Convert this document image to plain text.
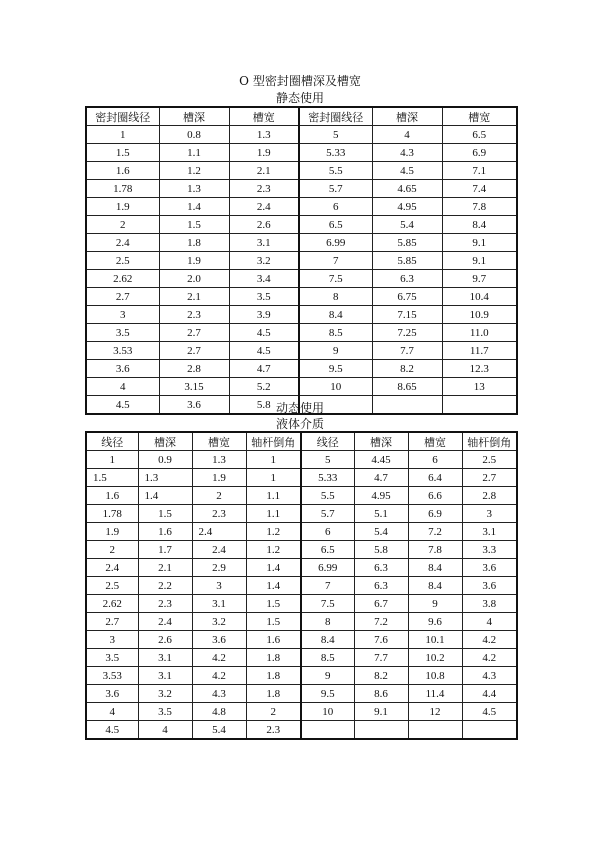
O 型密封圈槽深及槽宽
静态使用
密封圈线径	槽深	槽宽	密封圈线径	槽深	槽宽
1	0.8	1.3	5	4	6.5
1.5	1.1	1.9	5.33	4.3	6.9
1.6	1.2	2.1	5.5	4.5	7.1
1.78	1.3	2.3	5.7	4.65	7.4
1.9	1.4	2.4	6	4.95	7.8
2	1.5	2.6	6.5	5.4	8.4
2.4	1.8	3.1	6.99	5.85	9.1
2.5	1.9	3.2	7	5.85	9.1
2.62	2.0	3.4	7.5	6.3	9.7
2.7	2.1	3.5	8	6.75	10.4
3	2.3	3.9	8.4	7.15	10.9
3.5	2.7	4.5	8.5	7.25	11.0
3.53	2.7	4.5	9	7.7	11.7
3.6	2.8	4.7	9.5	8.2	12.3
4	3.15	5.2	10	8.65	13
4.5	3.6	5.8			动态使用
液体介质
线径	槽深	槽宽	轴杆倒角	线径	槽深	槽宽	轴杆倒角
1	0.9	1.3	1	5	4.45	6	2.5
1.5	1.3	1.9	1	5.33	4.7	6.4	2.7
1.6	1.4	2	1.1	5.5	4.95	6.6	2.8
1.78	1.5	2.3	1.1	5.7	5.1	6.9	3
1.9	1.6	2.4	1.2	6	5.4	7.2	3.1
2	1.7	2.4	1.2	6.5	5.8	7.8	3.3
2.4	2.1	2.9	1.4	6.99	6.3	8.4	3.6
2.5	2.2	3	1.4	7	6.3	8.4	3.6
2.62	2.3	3.1	1.5	7.5	6.7	9	3.8
2.7	2.4	3.2	1.5	8	7.2	9.6	4
3	2.6	3.6	1.6	8.4	7.6	10.1	4.2
3.5	3.1	4.2	1.8	8.5	7.7	10.2	4.2
3.53	3.1	4.2	1.8	9	8.2	10.8	4.3
3.6	3.2	4.3	1.8	9.5	8.6	11.4	4.4
4	3.5	4.8	2	10	9.1	12	4.5
4.5	4	5.4	2.3				
